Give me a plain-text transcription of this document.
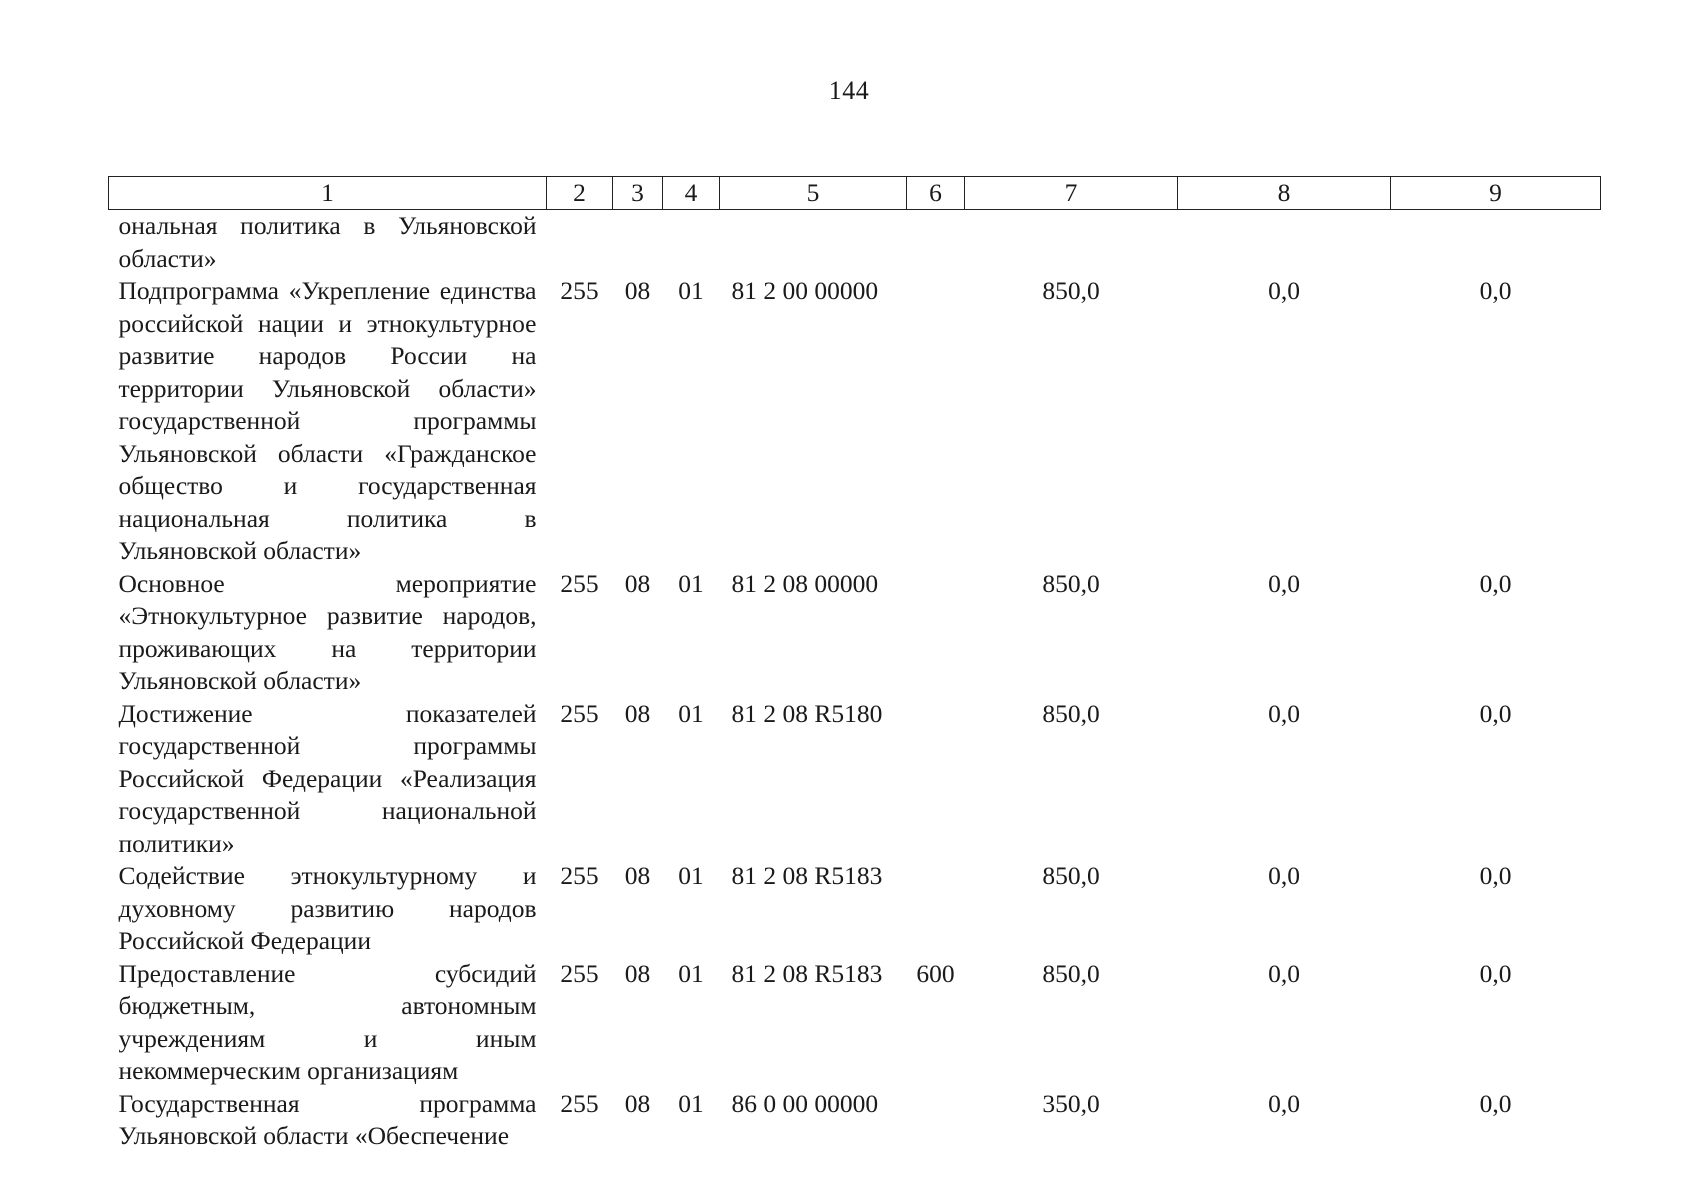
144
1	2	3	4	5	6	7	8	9
ональная политика в Ульяновской области»								
Подпрограмма «Укрепление единства российской нации и этнокультурное развитие народов России на территории Ульяновской области» государственной программы Ульяновской области «Гражданское общество и государственная национальная политика в Ульяновской области»	255	08	01	81 2 00 00000		850,0	0,0	0,0
Основное мероприятие «Этнокультурное развитие народов, проживающих на территории Ульяновской области»	255	08	01	81 2 08 00000		850,0	0,0	0,0
Достижение показателей государственной программы Российской Федерации «Реализация государственной национальной политики»	255	08	01	81 2 08 R5180		850,0	0,0	0,0
Содействие этнокультурному и духовному развитию народов Российской Федерации	255	08	01	81 2 08 R5183		850,0	0,0	0,0
Предоставление субсидий бюджетным, автономным учреждениям и иным некоммерческим организациям	255	08	01	81 2 08 R5183	600	850,0	0,0	0,0
Государственная программа Ульяновской области «Обеспечение	255	08	01	86 0 00 00000		350,0	0,0	0,0
